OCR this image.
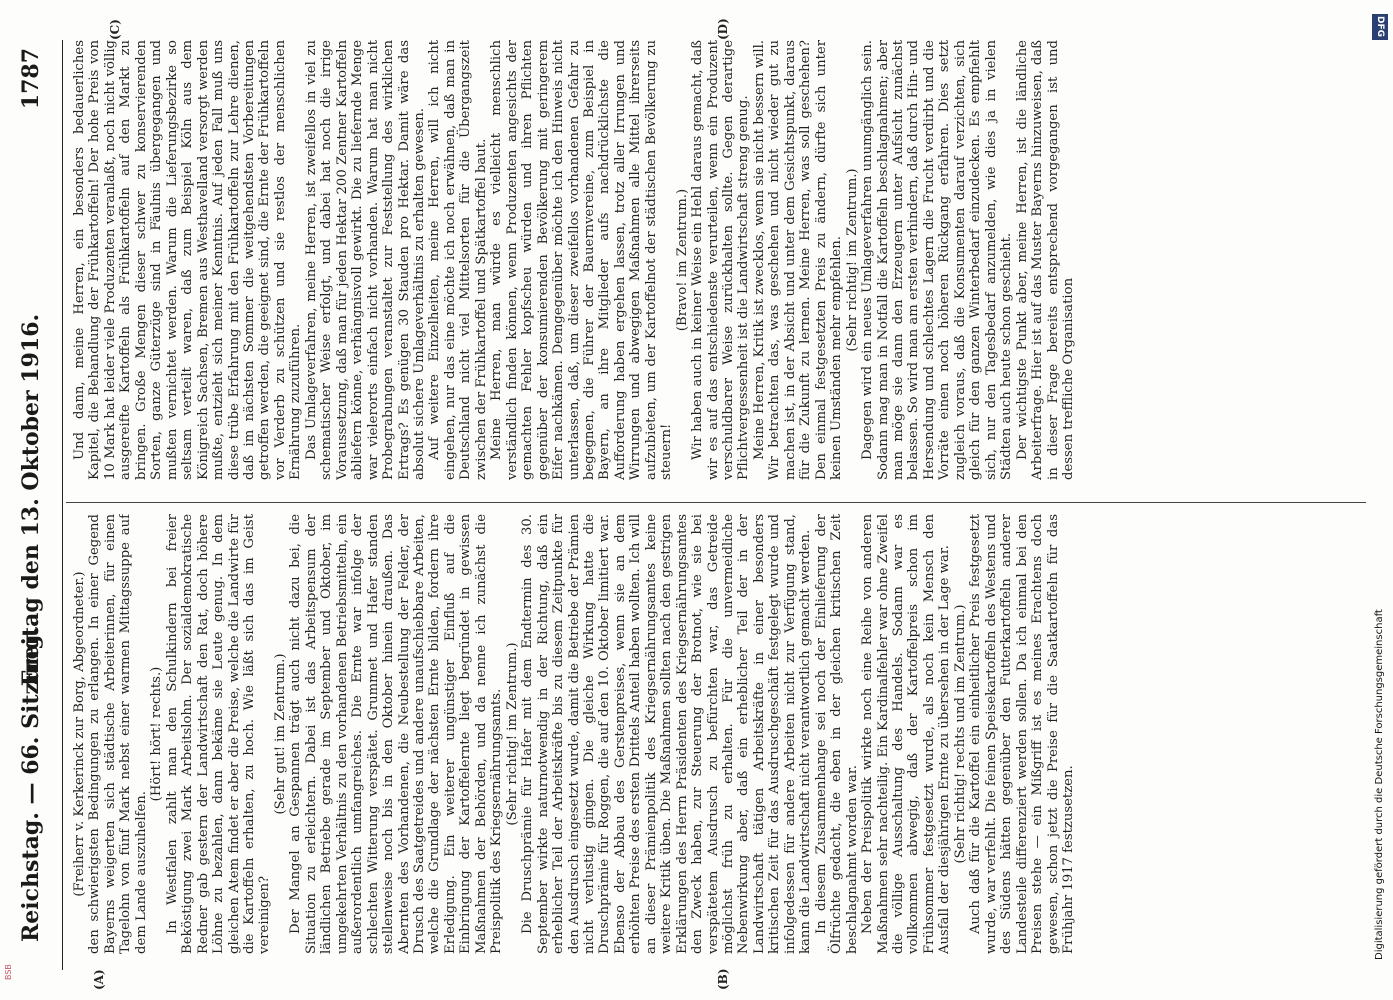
Reichstag. — 66. Sitzung.
Freitag den 13. Oktober 1916.
1787
(A)	(B)
(C)	(D)

(Freiherr v. Kerkerinck zur Borg, Abgeordneter.) den schwierigsten Bedingungen zu erlangen. In einer Gegend Bayerns weigerten sich städtische Arbeiterinnen, für einen Tagelohn von fünf Mark nebst einer warmen Mittagssuppe auf dem Lande auszuhelfen.

(Hört! hört! rechts.) In Westfalen zahlt man den Schulkindern bei freier Beköstigung zwei Mark Arbeitslohn. Der sozialdemokratische Redner gab gestern der Landwirtschaft den Rat, doch höhere Löhne zu bezahlen, dann bekäme sie Leute genug. In dem gleichen Atem findet er aber die Preise, welche die Landwirte für die Kartoffeln erhalten, zu hoch. Wie läßt sich das im Geist vereinigen?

(Sehr gut! im Zentrum.) Der Mangel an Gespannen trägt auch nicht dazu bei, die Situation zu erleichtern. Dabei ist das Arbeitspensum der ländlichen Betriebe gerade im September und Oktober, im umgekehrten Verhältnis zu den vorhandenen Betriebsmitteln, ein außerordentlich umfangreiches. Die Ernte war infolge der schlechten Witterung verspätet. Grummet und Hafer standen stellenweise noch bis in den Oktober hinein draußen. Das Abernten des Vorhandenen, die Neubestellung der Felder, der Drusch des Saatgetreides und andere unaufschiebbare Arbeiten, welche die Grundlage der nächsten Ernte bilden, fordern ihre Erledigung. Ein weiterer ungünstiger Einfluß auf die Einbringung der Kartoffelernte liegt begründet in gewissen Maßnahmen der Behörden, und da nenne ich zunächst die Preispolitik des Kriegsernährungsamts. (Sehr richtig! im Zentrum.) Die Druschprämie für Hafer mit dem Endtermin des 30. September wirkte naturnotwendig in der Richtung, daß ein erheblicher Teil der Arbeitskräfte bis zu diesem Zeitpunkte für den Ausdrusch eingesetzt wurde, damit die Betriebe der Prämien nicht verlustig gingen. Die gleiche Wirkung hatte die Druschprämie für Roggen, die auf den 10. Oktober limitiert war. Ebenso der Abbau des Gerstenpreises, wenn sie an dem erhöhten Preise des ersten Drittels Anteil haben wollten. Ich will an dieser Prämienpolitik des Kriegsernährungsamtes keine weitere Kritik üben. Die Maßnahmen sollten nach den gestrigen Erklärungen des Herrn Präsidenten des Kriegsernährungsamtes den Zweck haben, zur Steuerung der Brotnot, wie sie bei verspätetem Ausdrusch zu befürchten war, das Getreide möglichst früh zu erhalten. Für die unvermeidliche Nebenwirkung aber, daß ein erheblicher Teil der in der Landwirtschaft tätigen Arbeitskräfte in einer besonders kritischen Zeit für das Ausdruschgeschäft festgelegt wurde und infolgedessen für andere Arbeiten nicht zur Verfügung stand, kann die Landwirtschaft nicht verantwortlich gemacht werden. In diesem Zusammenhange sei noch der Einlieferung der Ölfrüchte gedacht, die eben in der gleichen kritischen Zeit beschlagnahmt worden war. Neben der Preispolitik wirkte noch eine Reihe von anderen Maßnahmen sehr nachteilig. Ein Kardinalfehler war ohne Zweifel die völlige Ausschaltung des Handels. Sodann war es vollkommen abwegig, daß der Kartoffelpreis schon im Frühsommer festgesetzt wurde, als noch kein Mensch den Ausfall der diesjährigen Ernte zu übersehen in der Lage war. (Sehr richtig! rechts und im Zentrum.) Auch daß für die Kartoffel ein einheitlicher Preis festgesetzt wurde, war verfehlt. Die feinen Speisekartoffeln des Westens und des Südens hätten gegenüber den Futterkartoffeln anderer Landesteile differenziert werden sollen. Da ich einmal bei den Preisen stehe — ein Mißgriff ist es meines Erachtens doch gewesen, schon jetzt die Preise für die Saatkartoffeln für das Frühjahr 1917 festzusetzen.

Und dann, meine Herren, ein besonders bedauerliches Kapitel, die Behandlung der Frühkartoffeln! Der hohe Preis von 10 Mark hat leider viele Produzenten veranlaßt, noch nicht völlig ausgereifte Kartoffeln als Frühkartoffeln auf den Markt zu bringen. Große Mengen dieser schwer zu konservierenden Sorten, ganze Güterzüge sind in Fäulnis übergegangen und mußten vernichtet werden. Warum die Lieferungsbezirke so seltsam verteilt waren, daß zum Beispiel Köln aus dem Königreich Sachsen, Bremen aus Westhavelland versorgt werden mußte, entzieht sich meiner Kenntnis. Auf jeden Fall muß uns diese trübe Erfahrung mit den Frühkartoffeln zur Lehre dienen, daß im nächsten Sommer die weitgehendsten Vorbereitungen getroffen werden, die geeignet sind, die Ernte der Frühkartoffeln vor Verderb zu schützen und sie restlos der menschlichen Ernährung zuzuführen. Das Umlageverfahren, meine Herren, ist zweifellos in viel zu schematischer Weise erfolgt, und dabei hat noch die irrige Voraussetzung, daß man für jeden Hektar 200 Zentner Kartoffeln abliefern könne, verhängnisvoll gewirkt. Die zu liefernde Menge war vielerorts einfach nicht vorhanden. Warum hat man nicht Probegrabungen veranstaltet zur Feststellung des wirklichen Ertrags? Es genügen 30 Stauden pro Hektar. Damit wäre das absolut sichere Umlageverhältnis zu erhalten gewesen. Auf weitere Einzelheiten, meine Herren, will ich nicht eingehen, nur das eine möchte ich noch erwähnen, daß man in Deutschland nicht viel Mittelsorten für die Übergangszeit zwischen der Frühkartoffel und Spätkartoffel baut. Meine Herren, man würde es vielleicht menschlich verständlich finden können, wenn Produzenten angesichts der gemachten Fehler kopfscheu würden und ihren Pflichten gegenüber der konsumierenden Bevölkerung mit geringerem Eifer nachkämen. Demgegenüber möchte ich den Hinweis nicht unterlassen, daß, um dieser zweifellos vorhandenen Gefahr zu begegnen, die Führer der Bauernvereine, zum Beispiel in Bayern, an ihre Mitglieder aufs nachdrücklichste die Aufforderung haben ergehen lassen, trotz aller Irrungen und Wirrungen und abwegigen Maßnahmen alle Mittel ihrerseits aufzubieten, um der Kartoffelnot der städtischen Bevölkerung zu steuern!

(Bravo! im Zentrum.) Wir haben auch in keiner Weise ein Hehl daraus gemacht, daß wir es auf das entschiedenste verurteilen, wenn ein Produzent verschuldbarer Weise zurückhalten sollte. Gegen derartige Pflichtvergessenheit ist die Landwirtschaft streng genug. Meine Herren, Kritik ist zwecklos, wenn sie nicht bessern will. Wir betrachten das, was geschehen und nicht wieder gut zu machen ist, in der Absicht und unter dem Gesichtspunkt, daraus für die Zukunft zu lernen. Meine Herren, was soll geschehen? Den einmal festgesetzten Preis zu ändern, dürfte sich unter keinen Umständen mehr empfehlen. (Sehr richtig! im Zentrum.) Dagegen wird ein neues Umlageverfahren unumgänglich sein. Sodann mag man in Notfall die Kartoffeln beschlagnahmen; aber man möge sie dann den Erzeugern unter Aufsicht zunächst belassen. So wird man am ersten verhindern, daß durch Hin- und Hersendung und schlechtes Lagern die Frucht verdirbt und die Vorräte einen noch höheren Rückgang erfahren. Dies setzt zugleich voraus, daß die Konsumenten darauf verzichten, sich gleich für den ganzen Winterbedarf einzudecken. Es empfiehlt sich, nur den Tagesbedarf anzumelden, wie dies ja in vielen Städten auch heute schon geschieht. Der wichtigste Punkt aber, meine Herren, ist die ländliche Arbeiterfrage. Hier ist auf das Muster Bayerns hinzuweisen, daß in dieser Frage bereits entsprechend vorgegangen ist und dessen treffliche Organisation

DFG
Digitalisierung gefördert durch die Deutsche Forschungsgemeinschaft
BSB
